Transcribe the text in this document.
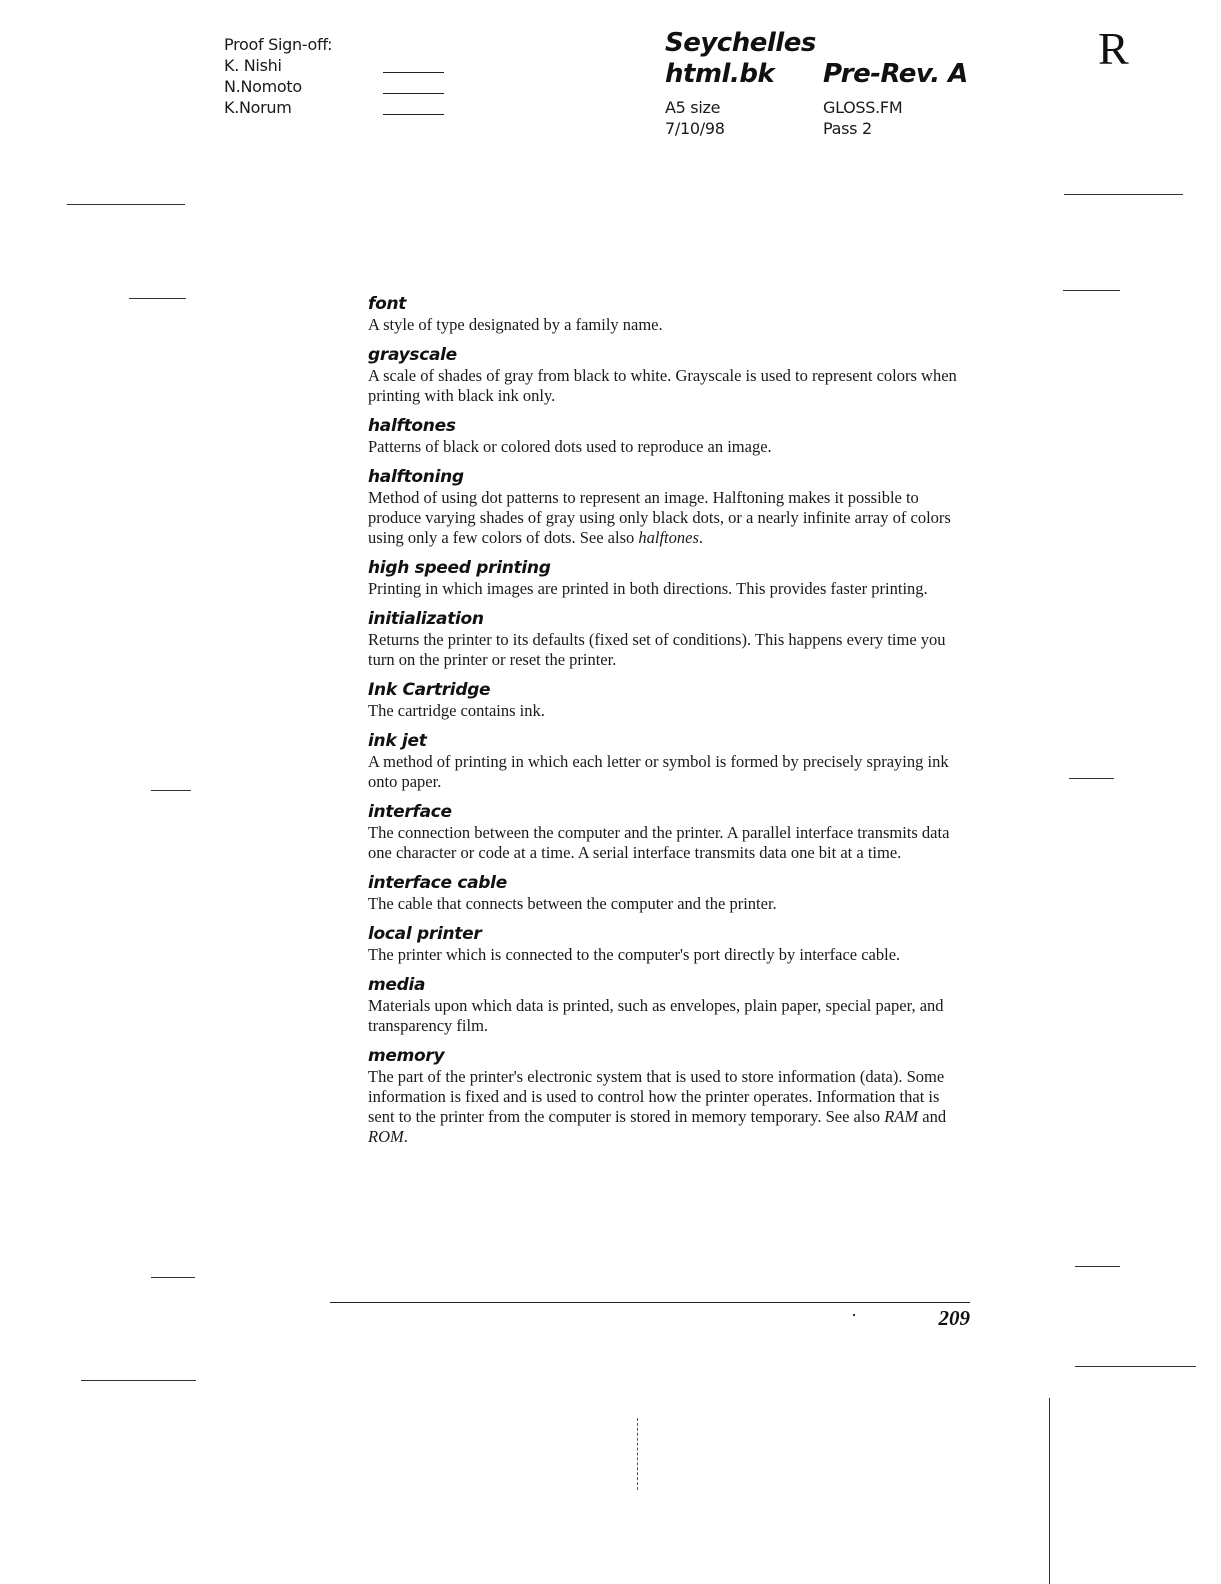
Proof Sign-off:
K. Nishi
N.Nomoto
K.Norum
Seychelles
html.bk Pre-Rev. A
A5 size
7/10/98
GLOSS.FM
Pass 2
R
font
A style of type designated by a family name.
grayscale
A scale of shades of gray from black to white. Grayscale is used to represent colors when printing with black ink only.
halftones
Patterns of black or colored dots used to reproduce an image.
halftoning
Method of using dot patterns to represent an image. Halftoning makes it possible to produce varying shades of gray using only black dots, or a nearly infinite array of colors using only a few colors of dots. See also halftones.
high speed printing
Printing in which images are printed in both directions. This provides faster printing.
initialization
Returns the printer to its defaults (fixed set of conditions). This happens every time you turn on the printer or reset the printer.
Ink Cartridge
The cartridge contains ink.
ink jet
A method of printing in which each letter or symbol is formed by precisely spraying ink onto paper.
interface
The connection between the computer and the printer. A parallel interface transmits data one character or code at a time. A serial interface transmits data one bit at a time.
interface cable
The cable that connects between the computer and the printer.
local printer
The printer which is connected to the computer's port directly by interface cable.
media
Materials upon which data is printed, such as envelopes, plain paper, special paper, and transparency film.
memory
The part of the printer's electronic system that is used to store information (data). Some information is fixed and is used to control how the printer operates. Information that is sent to the printer from the computer is stored in memory temporary. See also RAM and ROM.
209
